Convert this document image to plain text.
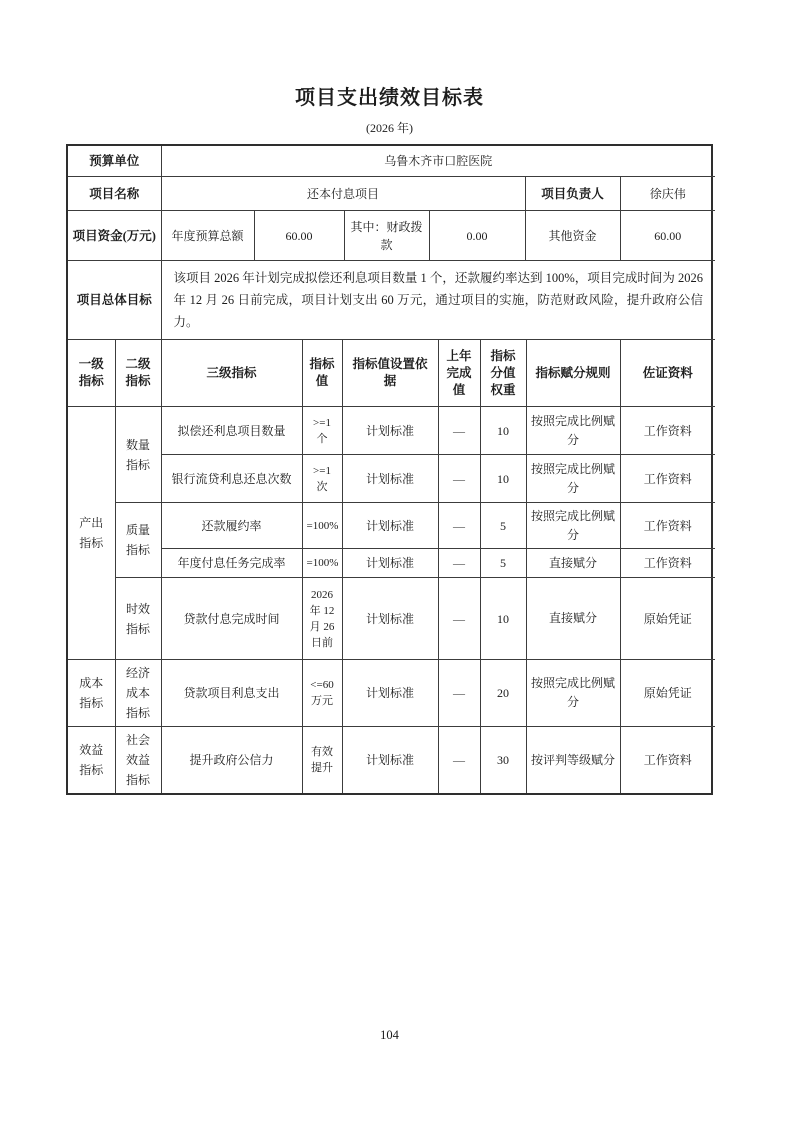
项目支出绩效目标表
(2026 年)
预算单位	乌鲁木齐市口腔医院					
项目名称	还本付息项目				项目负责人	徐庆伟
项目资金(万元)	年度预算总额	60.00	其中：财政拨款	0.00	其他资金	60.00
项目总体目标	该项目 2026 年计划完成拟偿还利息项目数量 1 个，还款履约率达到 100%，项目完成时间为 2026 年 12 月 26 日前完成，项目计划支出 60 万元，通过项目的实施，防范财政风险，提升政府公信力。
一级指标	二级指标	三级指标	指标值	指标值设置依据	上年完成值	指标分值权重	指标赋分规则	佐证资料
产出指标	数量指标	拟偿还利息项目数量	>=1 个	计划标准	—	10	按照完成比例赋分	工作资料
		银行流贷利息还息次数	>=1 次	计划标准	—	10	按照完成比例赋分	工作资料
	质量指标	还款履约率	=100%	计划标准	—	5	按照完成比例赋分	工作资料
		年度付息任务完成率	=100%	计划标准	—	5	直接赋分	工作资料
	时效指标	贷款付息完成时间	2026 年 12 月 26 日前	计划标准	—	10	直接赋分	原始凭证
成本指标	经济成本指标	贷款项目利息支出	<=60 万元	计划标准	—	20	按照完成比例赋分	原始凭证
效益指标	社会效益指标	提升政府公信力	有效提升	计划标准	—	30	按评判等级赋分	工作资料
104
